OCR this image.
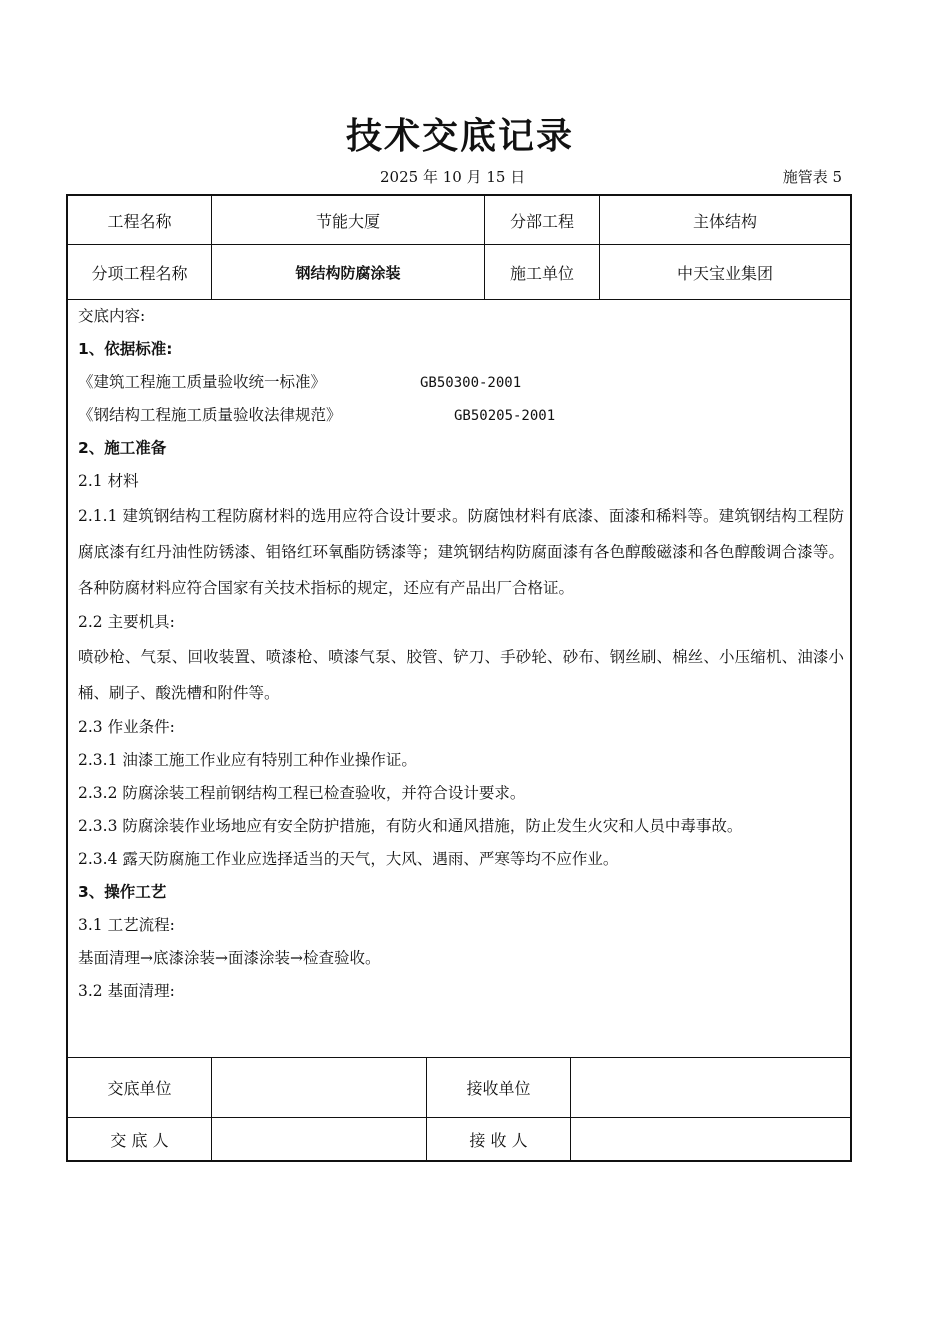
技术交底记录
2025 年 10 月 15 日	施管表 5
工程名称	节能大厦	分部工程	主体结构
分项工程名称	钢结构防腐涂装	施工单位	中天宝业集团
交底内容:
1、依据标准:
《建筑工程施工质量验收统一标准》	GB50300-2001
《钢结构工程施工质量验收法律规范》	GB50205-2001
2、施工准备
2.1 材料
2.1.1 建筑钢结构工程防腐材料的选用应符合设计要求。防腐蚀材料有底漆、面漆和稀料等。建筑钢结构工程防腐底漆有红丹油性防锈漆、钼铬红环氧酯防锈漆等；建筑钢结构防腐面漆有各色醇酸磁漆和各色醇酸调合漆等。各种防腐材料应符合国家有关技术指标的规定，还应有产品出厂合格证。
2.2 主要机具:
喷砂枪、气泵、回收装置、喷漆枪、喷漆气泵、胶管、铲刀、手砂轮、砂布、钢丝刷、棉丝、小压缩机、油漆小桶、刷子、酸洗槽和附件等。
2.3 作业条件:
2.3.1 油漆工施工作业应有特别工种作业操作证。
2.3.2 防腐涂装工程前钢结构工程已检查验收，并符合设计要求。
2.3.3 防腐涂装作业场地应有安全防护措施，有防火和通风措施，防止发生火灾和人员中毒事故。
2.3.4 露天防腐施工作业应选择适当的天气，大风、遇雨、严寒等均不应作业。
3、操作工艺
3.1 工艺流程:
基面清理→底漆涂装→面漆涂装→检查验收。
3.2 基面清理:
交底单位	接收单位
交 底 人	接 收 人
